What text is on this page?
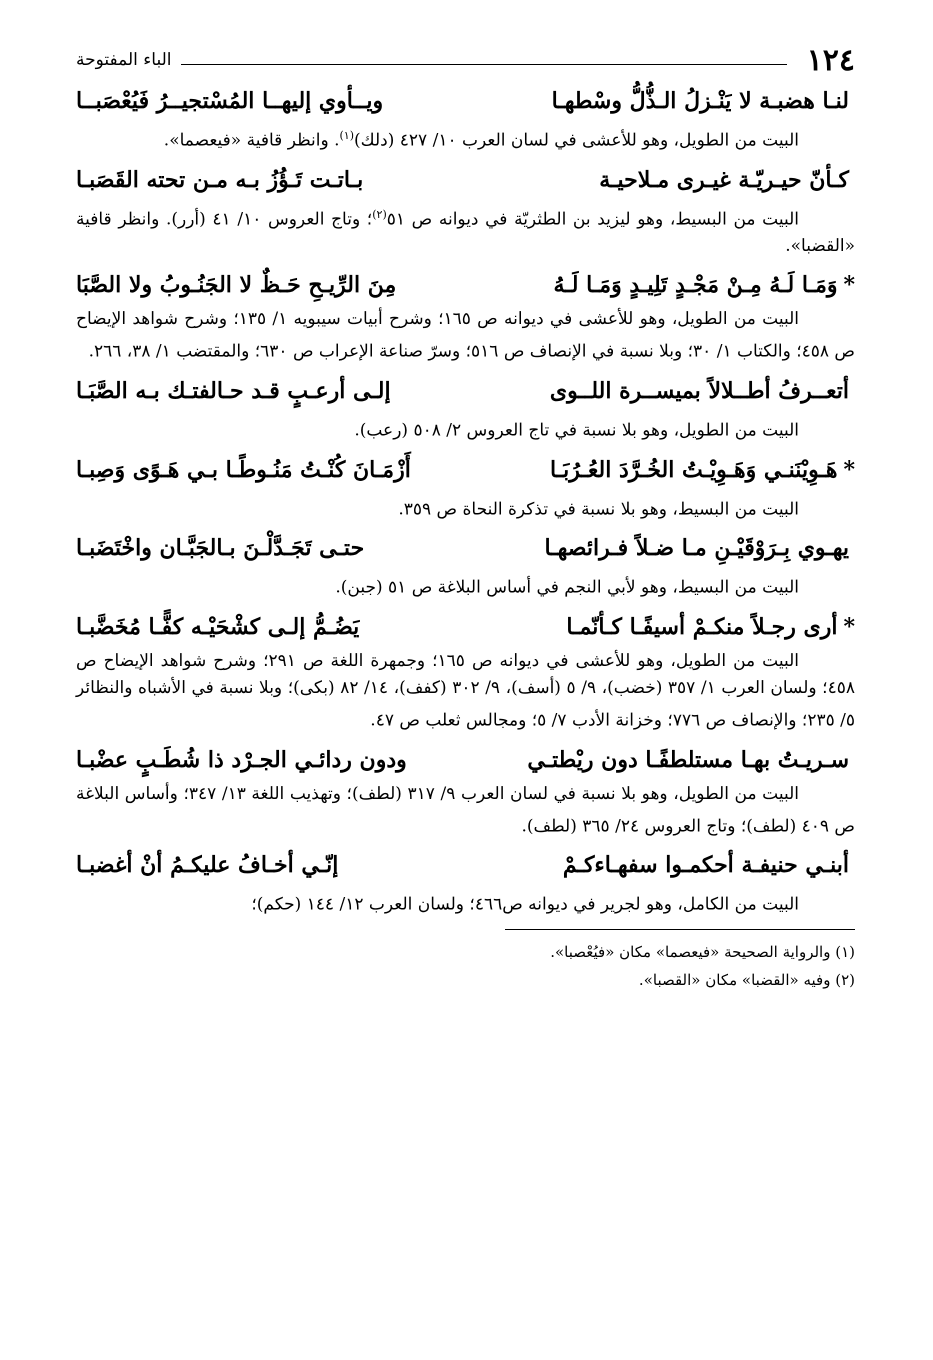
١٢٤
الباء المفتوحة
لنـا هضبـة لا يَنْـزلُ الـذُّلُّ وسْطهـا
ويــأوي إليهــا المُسْتجيــرُ فَيُعْصَبــا

البيت من الطويل، وهو للأعشى في لسان العرب ١٠/ ٤٢٧ (دلك)$^{(١)}$. وانظر قافية «فيعصما».

كـأنّ حيـريّـة غيـرى مـلاحيـة
بـاتـت تَـؤُزُ بـه مـن تحته القَصَبـا

البيت من البسيط، وهو ليزيد بن الطثريّة في ديوانه ص ٥١$^{(٢)}$؛ وتاج العروس ١٠/ ٤١ (أرر). وانظر قافية «القضبا».

*وَمَـا لَـهُ مِـنْ مَجْـدٍ تَلِيـدٍ وَمَـا لَـهُ
مِنَ الرِّيـحِ حَـظٌ لا الجَنُـوبُ ولا الصَّبَا

البيت من الطويل، وهو للأعشى في ديوانه ص ١٦٥؛ وشرح أبيات سيبويه ١/ ١٣٥؛ وشرح شواهد الإيضاح ص ٤٥٨؛ والكتاب ١/ ٣٠؛ وبلا نسبة في الإنصاف ص ٥١٦؛ وسرّ صناعة الإعراب ص ٦٣٠؛ والمقتضب ١/ ٣٨، ٢٦٦.

أتعــرفُ أطــلالاً بميســرة اللــوى
إلـى أرعـبٍ قـد حـالفتـك بـه الصَّبَـا

البيت من الطويل، وهو بلا نسبة في تاج العروس ٢/ ٥٠٨ (رعب).

*هَـوِيْنَنـي وَهَـوِيْـتُ الخُـرَّدَ العُـرُبَـا
أَزْمَـانَ كُنْـتُ مَنُـوطًـا بـي هَـوًى وَصِبـا

البيت من البسيط، وهو بلا نسبة في تذكرة النحاة ص ٣٥٩.

يهـوي بِـرَوْقَيْـنِ مـا ضـلاً فـرائصهـا
حتـى تَجَـدَّلْـنَ بـالجَبَّـان واخْتَضَبـا

البيت من البسيط، وهو لأبي النجم في أساس البلاغة ص ٥١ (جبن).

*أرى رجـلاً منكـمْ أسيفًـا كـأنّمـا
يَضُـمُّ إلـى كشْحَيْـه كفًّـا مُخَضَّبـا

البيت من الطويل، وهو للأعشى في ديوانه ص ١٦٥؛ وجمهرة اللغة ص ٢٩١؛ وشرح شواهد الإيضاح ص ٤٥٨؛ ولسان العرب ١/ ٣٥٧ (خضب)، ٩/ ٥ (أسف)، ٩/ ٣٠٢ (كفف)، ١٤/ ٨٢ (بكى)؛ وبلا نسبة في الأشباه والنظائر ٥/ ٢٣٥؛ والإنصاف ص ٧٧٦؛ وخزانة الأدب ٧/ ٥؛ ومجالس ثعلب ص ٤٧.

سـريـتُ بهـا مستلطفًـا دون ريْطتـي
ودون ردائـي الجـرْد ذا شُطَـبٍ عضْبـا

البيت من الطويل، وهو بلا نسبة في لسان العرب ٩/ ٣١٧ (لطف)؛ وتهذيب اللغة ١٣/ ٣٤٧؛ وأساس البلاغة ص ٤٠٩ (لطف)؛ وتاج العروس ٢٤/ ٣٦٥ (لطف).

أبنـي حنيفـة أحكمـوا سفهـاءكـمْ
إنّـي أخـافُ عليكـمُ أنْ أغضبـا

البيت من الكامل، وهو لجرير في ديوانه ص٤٦٦؛ ولسان العرب ١٢/ ١٤٤ (حكم)؛

(١) والرواية الصحيحة «فيعصما» مكان «فيُعْصبا».
(٢) وفيه «القضبا» مكان «القصبا».
